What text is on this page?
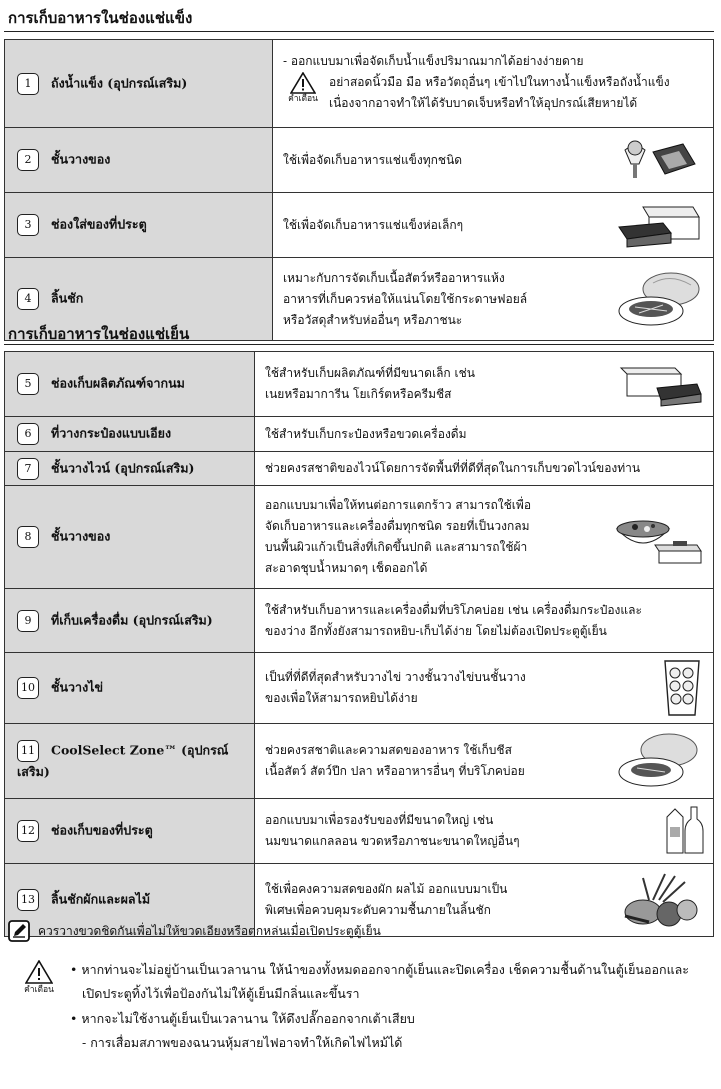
การเก็บอาหารในช่องแช่แข็ง
1 ถังน้ำแข็ง (อุปกรณ์เสริม)	- ออกแบบมาเพื่อจัดเก็บน้ำแข็งปริมาณมากได้อย่างง่ายดาย
คำเตือน
อย่าสอดนิ้วมือ มือ หรือวัตถุอื่นๆ เข้าไปในทางน้ำแข็งหรือถังน้ำแข็ง
เนื่องจากอาจทำให้ได้รับบาดเจ็บหรือทำให้อุปกรณ์เสียหายได้

2 ชั้นวางของ	ใช้เพื่อจัดเก็บอาหารแช่แข็งทุกชนิด

3 ช่องใส่ของที่ประตู	ใช้เพื่อจัดเก็บอาหารแช่แข็งห่อเล็กๆ

4 ลิ้นชัก	เหมาะกับการจัดเก็บเนื้อสัตว์หรืออาหารแห้ง
อาหารที่เก็บควรห่อให้แน่นโดยใช้กระดาษฟอยล์
หรือวัสดุสำหรับห่ออื่นๆ หรือภาชนะ
การเก็บอาหารในช่องแช่เย็น
5 ช่องเก็บผลิตภัณฑ์จากนม	ใช้สำหรับเก็บผลิตภัณฑ์ที่มีขนาดเล็ก เช่น
เนยหรือมาการีน โยเกิร์ตหรือครีมชีส

6 ที่วางกระป๋องแบบเอียง	ใช้สำหรับเก็บกระป๋องหรือขวดเครื่องดื่ม

7 ชั้นวางไวน์ (อุปกรณ์เสริม)	ช่วยคงรสชาติของไวน์โดยการจัดพื้นที่ที่ดีที่สุดในการเก็บขวดไวน์ของท่าน

8 ชั้นวางของ	ออกแบบมาเพื่อให้ทนต่อการแตกร้าว สามารถใช้เพื่อ
จัดเก็บอาหารและเครื่องดื่มทุกชนิด รอยที่เป็นวงกลม
บนพื้นผิวแก้วเป็นสิ่งที่เกิดขึ้นปกติ และสามารถใช้ผ้า
สะอาดชุบน้ำหมาดๆ เช็ดออกได้

9 ที่เก็บเครื่องดื่ม (อุปกรณ์เสริม)	ใช้สำหรับเก็บอาหารและเครื่องดื่มที่บริโภคบ่อย เช่น เครื่องดื่มกระป๋องและ
ของว่าง อีกทั้งยังสามารถหยิบ-เก็บได้ง่าย โดยไม่ต้องเปิดประตูตู้เย็น

10 ชั้นวางไข่	เป็นที่ที่ดีที่สุดสำหรับวางไข่ วางชั้นวางไข่บนชั้นวาง
ของเพื่อให้สามารถหยิบได้ง่าย

11 CoolSelect Zone™ (อุปกรณ์เสริม)	ช่วยคงรสชาติและความสดของอาหาร ใช้เก็บชีส
เนื้อสัตว์ สัตว์ปีก ปลา หรืออาหารอื่นๆ ที่บริโภคบ่อย

12 ช่องเก็บของที่ประตู	ออกแบบมาเพื่อรองรับของที่มีขนาดใหญ่ เช่น
นมขนาดแกลลอน ขวดหรือภาชนะขนาดใหญ่อื่นๆ

13 ลิ้นชักผักและผลไม้	ใช้เพื่อคงความสดของผัก ผลไม้ ออกแบบมาเป็น
พิเศษเพื่อควบคุมระดับความชื้นภายในลิ้นชัก
ควรวางขวดชิดกันเพื่อไม่ให้ขวดเอียงหรือตกหล่นเมื่อเปิดประตูตู้เย็น
คำเตือน
• หากท่านจะไม่อยู่บ้านเป็นเวลานาน ให้นำของทั้งหมดออกจากตู้เย็นและปิดเครื่อง เช็ดความชื้นด้านในตู้เย็นออกและ
เปิดประตูทิ้งไว้เพื่อป้องกันไม่ให้ตู้เย็นมีกลิ่นและขึ้นรา
• หากจะไม่ใช้งานตู้เย็นเป็นเวลานาน ให้ดึงปลั๊กออกจากเต้าเสียบ
- การเสื่อมสภาพของฉนวนหุ้มสายไฟอาจทำให้เกิดไฟไหม้ได้
